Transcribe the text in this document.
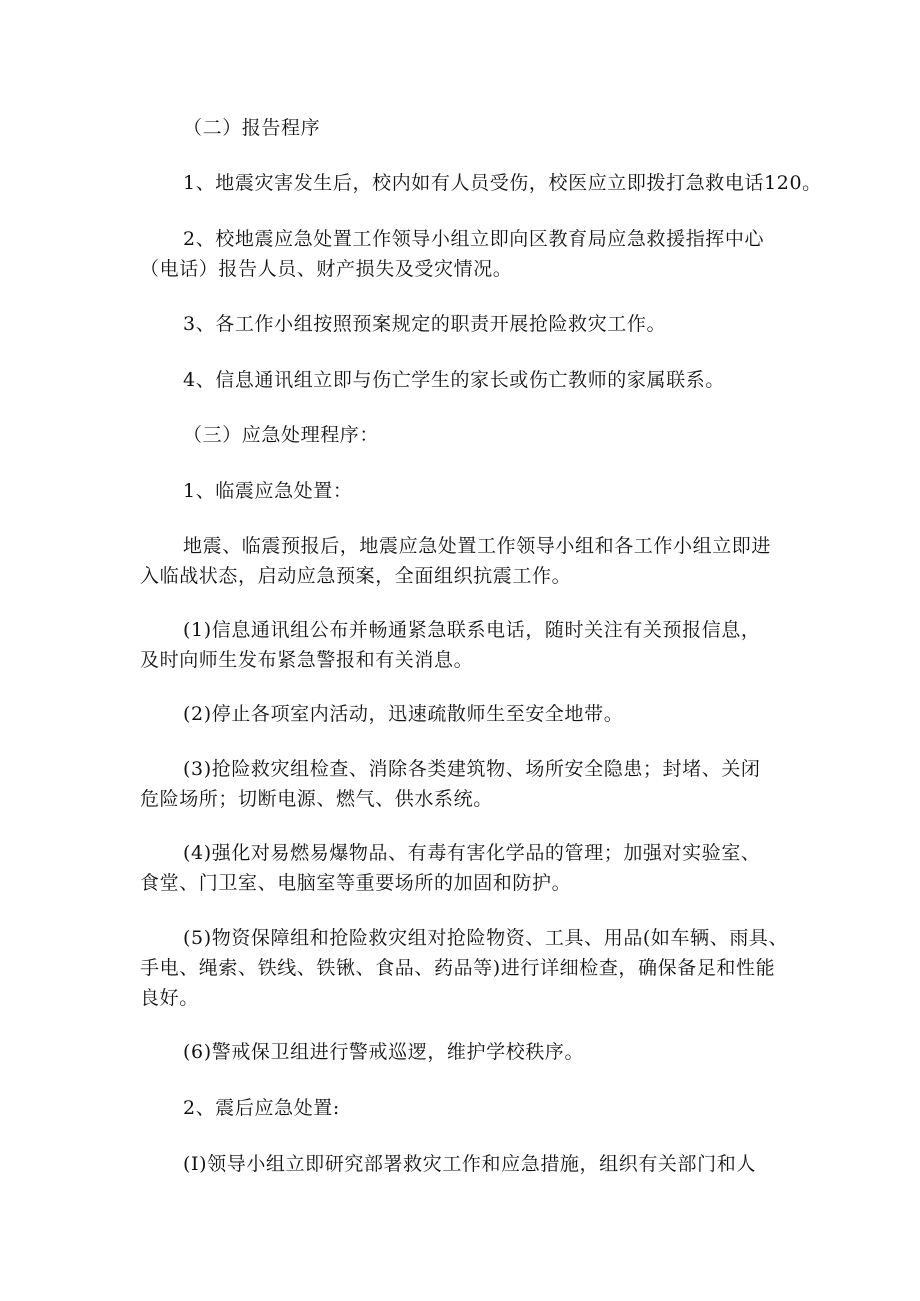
（二）报告程序

1、地震灾害发生后，校内如有人员受伤，校医应立即拨打急救电话120。

2、校地震应急处置工作领导小组立即向区教育局应急救援指挥中心

（电话）报告人员、财产损失及受灾情况。

3、各工作小组按照预案规定的职责开展抢险救灾工作。

4、信息通讯组立即与伤亡学生的家长或伤亡教师的家属联系。

（三）应急处理程序：

1、临震应急处置：

地震、临震预报后，地震应急处置工作领导小组和各工作小组立即进

入临战状态，启动应急预案，全面组织抗震工作。

(1)信息通讯组公布并畅通紧急联系电话，随时关注有关预报信息，

及时向师生发布紧急警报和有关消息。

(2)停止各项室内活动，迅速疏散师生至安全地带。

(3)抢险救灾组检查、消除各类建筑物、场所安全隐患；封堵、关闭

危险场所；切断电源、燃气、供水系统。

(4)强化对易燃易爆物品、有毒有害化学品的管理；加强对实验室、

食堂、门卫室、电脑室等重要场所的加固和防护。

(5)物资保障组和抢险救灾组对抢险物资、工具、用品(如车辆、雨具、

手电、绳索、铁线、铁锹、食品、药品等)进行详细检查，确保备足和性能

良好。

(6)警戒保卫组进行警戒巡逻，维护学校秩序。

2、震后应急处置:

(I)领导小组立即研究部署救灾工作和应急措施，组织有关部门和人
